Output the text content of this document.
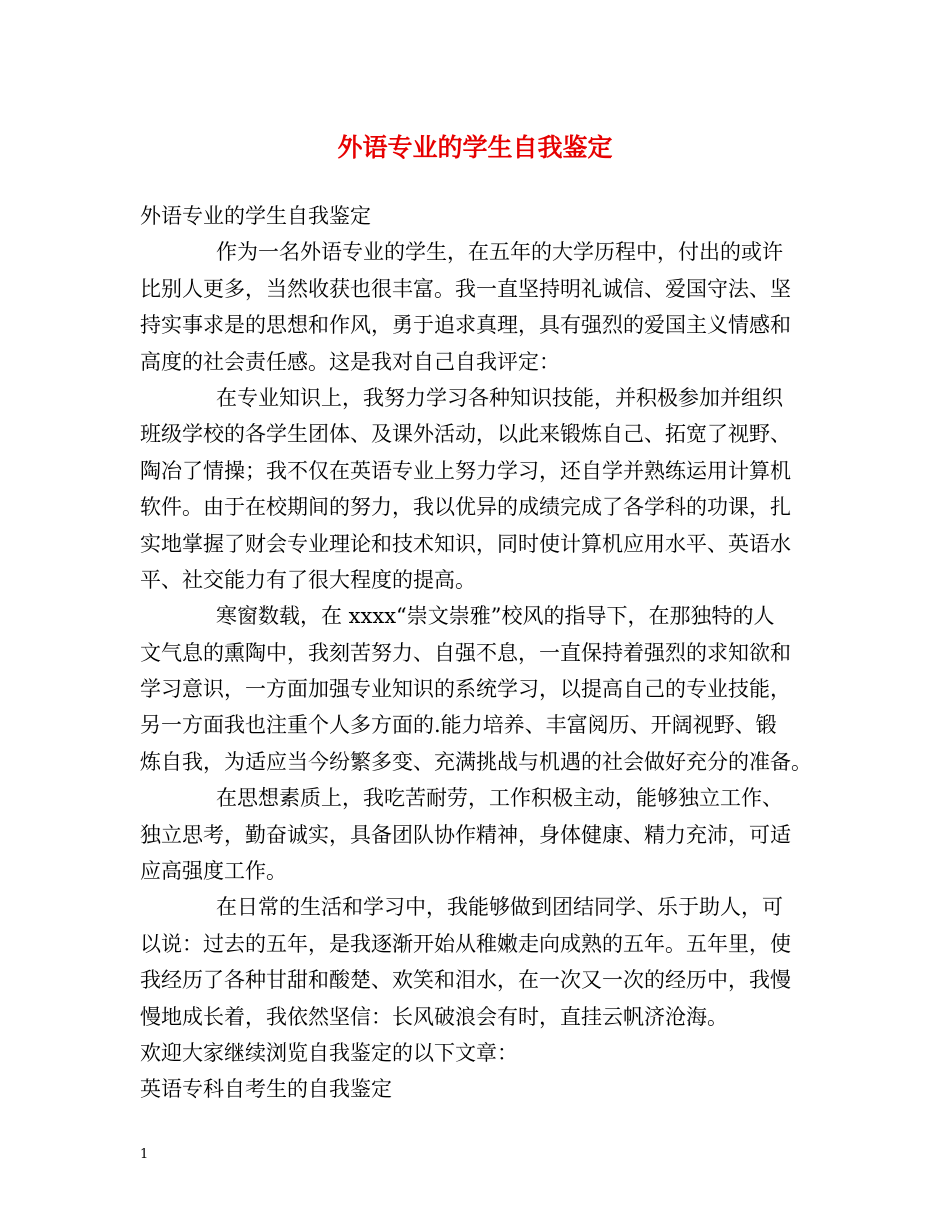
外语专业的学生自我鉴定
外语专业的学生自我鉴定
作为一名外语专业的学生，在五年的大学历程中，付出的或许
比别人更多，当然收获也很丰富。我一直坚持明礼诚信、爱国守法、坚
持实事求是的思想和作风，勇于追求真理，具有强烈的爱国主义情感和
高度的社会责任感。这是我对自己自我评定：
在专业知识上，我努力学习各种知识技能，并积极参加并组织
班级学校的各学生团体、及课外活动，以此来锻炼自己、拓宽了视野、
陶冶了情操；我不仅在英语专业上努力学习，还自学并熟练运用计算机
软件。由于在校期间的努力，我以优异的成绩完成了各学科的功课，扎
实地掌握了财会专业理论和技术知识，同时使计算机应用水平、英语水
平、社交能力有了很大程度的提高。
寒窗数载，在 xxxx“崇文崇雅”校风的指导下，在那独特的人
文气息的熏陶中，我刻苦努力、自强不息，一直保持着强烈的求知欲和
学习意识，一方面加强专业知识的系统学习，以提高自己的专业技能，
另一方面我也注重个人多方面的.能力培养、丰富阅历、开阔视野、锻
炼自我，为适应当今纷繁多变、充满挑战与机遇的社会做好充分的准备。
在思想素质上，我吃苦耐劳，工作积极主动，能够独立工作、
独立思考，勤奋诚实，具备团队协作精神，身体健康、精力充沛，可适
应高强度工作。
在日常的生活和学习中，我能够做到团结同学、乐于助人，可
以说：过去的五年，是我逐渐开始从稚嫩走向成熟的五年。五年里，使
我经历了各种甘甜和酸楚、欢笑和泪水，在一次又一次的经历中，我慢
慢地成长着，我依然坚信：长风破浪会有时，直挂云帆济沧海。
欢迎大家继续浏览自我鉴定的以下文章：
英语专科自考生的自我鉴定
1
